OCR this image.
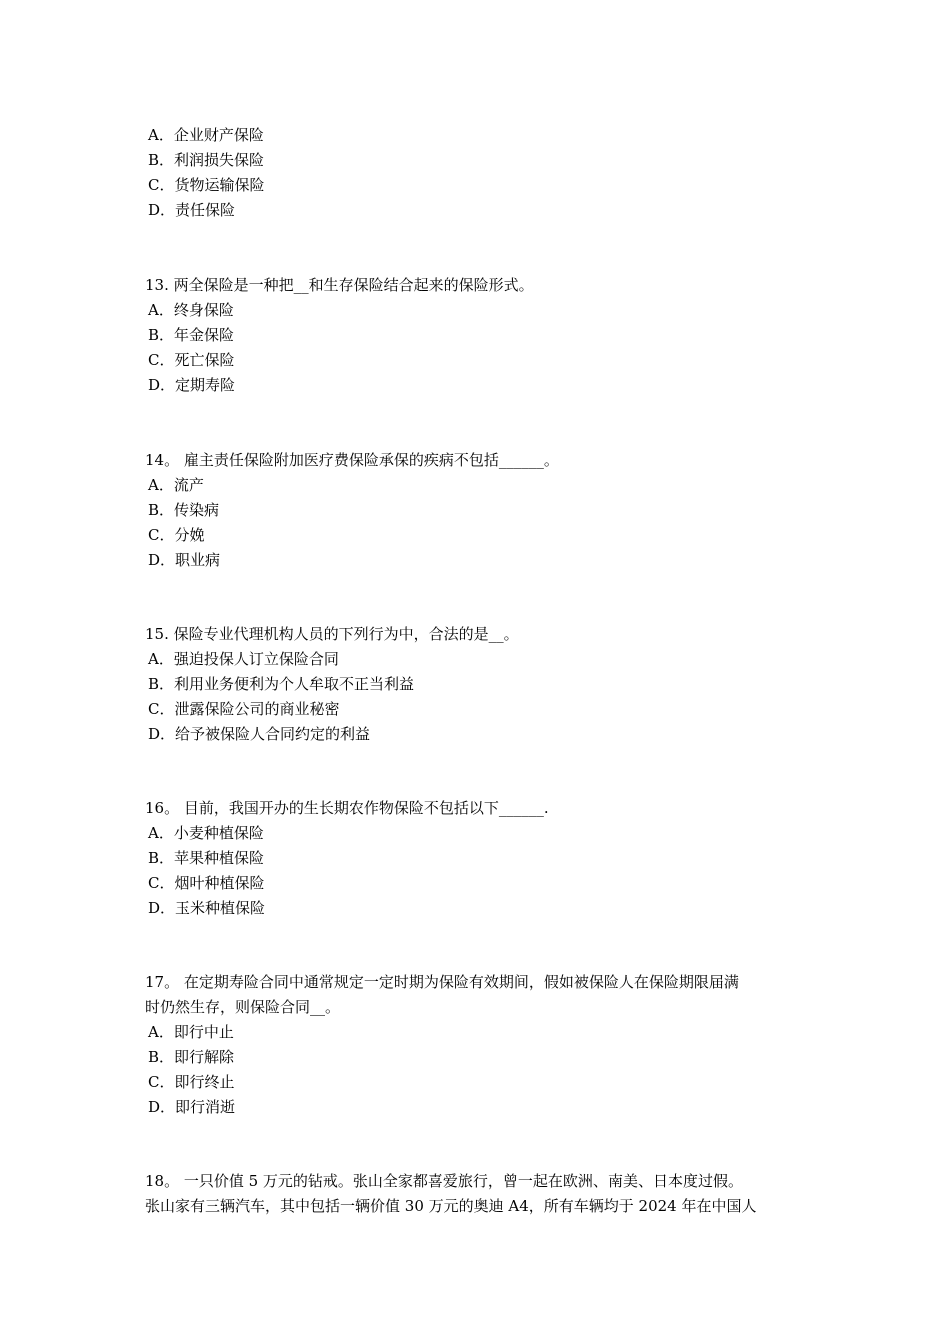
A．企业财产保险
B．利润损失保险
C．货物运输保险
D．责任保险
13. 两全保险是一种把__和生存保险结合起来的保险形式。
A．终身保险
B．年金保险
C．死亡保险
D．定期寿险
14。 雇主责任保险附加医疗费保险承保的疾病不包括______。
A．流产
B．传染病
C．分娩
D．职业病
15. 保险专业代理机构人员的下列行为中，合法的是__。
A．强迫投保人订立保险合同
B．利用业务便利为个人牟取不正当利益
C．泄露保险公司的商业秘密
D．给予被保险人合同约定的利益
16。 目前，我国开办的生长期农作物保险不包括以下______.
A．小麦种植保险
B．苹果种植保险
C．烟叶种植保险
D．玉米种植保险
17。 在定期寿险合同中通常规定一定时期为保险有效期间，假如被保险人在保险期限届满
时仍然生存，则保险合同__。
A．即行中止
B．即行解除
C．即行终止
D．即行消逝
18。 一只价值 5 万元的钻戒。张山全家都喜爱旅行，曾一起在欧洲、南美、日本度过假。
张山家有三辆汽车，其中包括一辆价值 30 万元的奥迪 A4，所有车辆均于 2024 年在中国人
